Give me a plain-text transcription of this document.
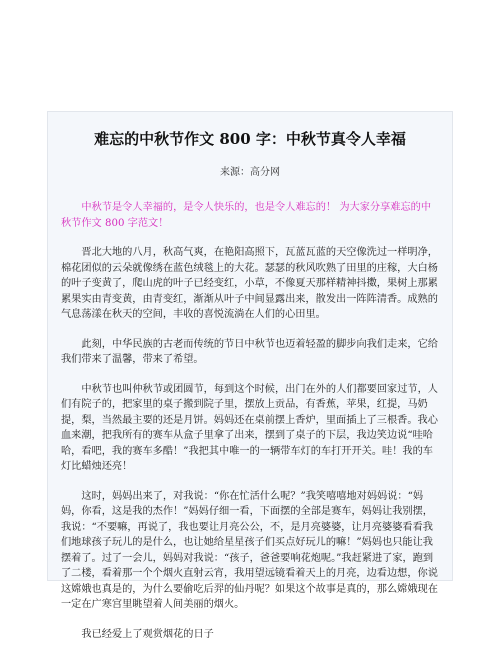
难忘的中秋节作文 800 字：中秋节真令人幸福
来源：高分网

中秋节是令人幸福的，是令人快乐的，也是令人难忘的！ 为大家分享难忘的中秋节作文 800 字范文！

晋北大地的八月，秋高气爽，在艳阳高照下，瓦蓝瓦蓝的天空像洗过一样明净，棉花团似的云朵就像绣在蓝色绒毯上的大花。瑟瑟的秋风吹熟了田里的庄稼，大白杨的叶子变黄了，爬山虎的叶子已经变红，小草，不像夏天那样精神抖擞，果树上那累累果实由青变黄，由青变红，渐渐从叶子中间显露出来，散发出一阵阵清香。成熟的气息荡漾在秋天的空间，丰收的喜悦流淌在人们的心田里。

此刻，中华民族的古老而传统的节日中秋节也迈着轻盈的脚步向我们走来，它给我们带来了温馨，带来了希望。

中秋节也叫仲秋节或团圆节，每到这个时候，出门在外的人们都要回家过节，人们有院子的，把家里的桌子搬到院子里，摆放上贡品，有香蕉，苹果，红提，马奶提，梨，当然最主要的还是月饼。妈妈还在桌前摆上香炉，里面插上了三根香。我心血来潮，把我所有的赛车从盒子里拿了出来，摆到了桌子的下层，我边笑边说“哇哈哈，看吧，我的赛车多酷！”我把其中唯一的一辆带车灯的车打开开关。哇！我的车灯比蜡烛还亮！

这时，妈妈出来了，对我说：“你在忙活什么呢？”我笑嘻嘻地对妈妈说：“妈妈，你看，这是我的杰作！”妈妈仔细一看，下面摆的全部是赛车，妈妈让我别摆，我说：“不要嘛，再说了，我也要让月亮公公，不，是月亮婆婆，让月亮婆婆看看我们地球孩子玩儿的是什么，也让她给星星孩子们买点好玩儿的嘛！”妈妈也只能让我摆着了。过了一会儿，妈妈对我说：“孩子，爸爸要响花炮呢。”我赶紧进了家，跑到了二楼，看着那一个个烟火直射云宵，我用望远镜看着天上的月亮，边看边想，你说这嫦娥也真是的，为什么要偷吃后羿的仙丹呢？如果这个故事是真的，那么嫦娥现在一定在广寒宫里眺望着人间美丽的烟火。

我已经爱上了观赏烟花的日子
